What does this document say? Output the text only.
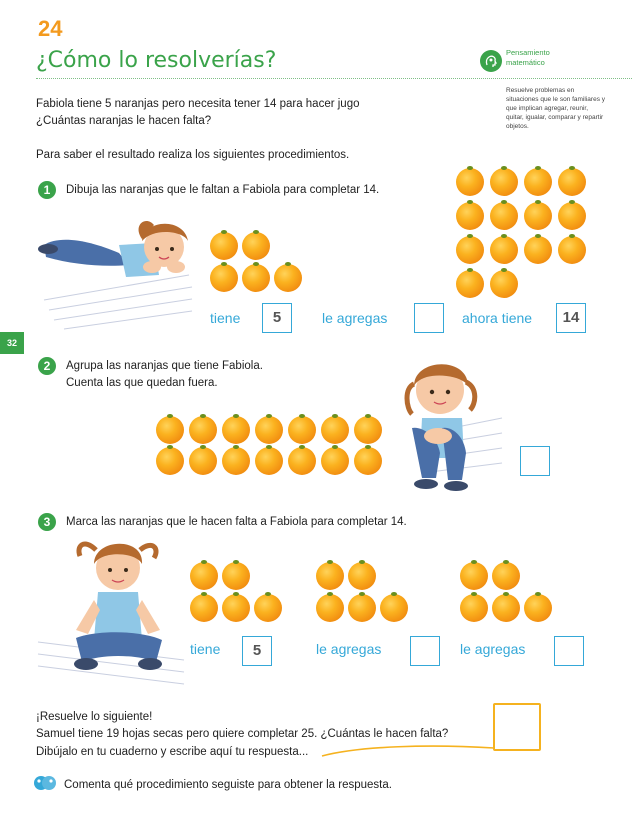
32
24
¿Cómo lo resolverías?	Pensamiento matemático
Resuelve problemas en situaciones que le son familiares y que implican agregar, reunir, quitar, igualar, comparar y repartir objetos.
Fabiola tiene 5 naranjas pero necesita tener 14 para hacer jugo
¿Cuántas naranjas le hacen falta?
Para saber el resultado realiza los siguientes procedimientos.
1	Dibuja las naranjas que le faltan a Fabiola para completar 14.
tiene	5	le agregas	ahora tiene	14
2	Agrupa las naranjas que tiene Fabiola.
Cuenta las que quedan fuera.
3	Marca las naranjas que le hacen falta a Fabiola para completar 14.
tiene	5	le agregas	le agregas
¡Resuelve lo siguiente!
Samuel tiene 19 hojas secas pero quiere completar 25. ¿Cuántas le hacen falta?
Dibújalo en tu cuaderno y escribe aquí tu respuesta...
Comenta qué procedimiento seguiste para obtener la respuesta.
